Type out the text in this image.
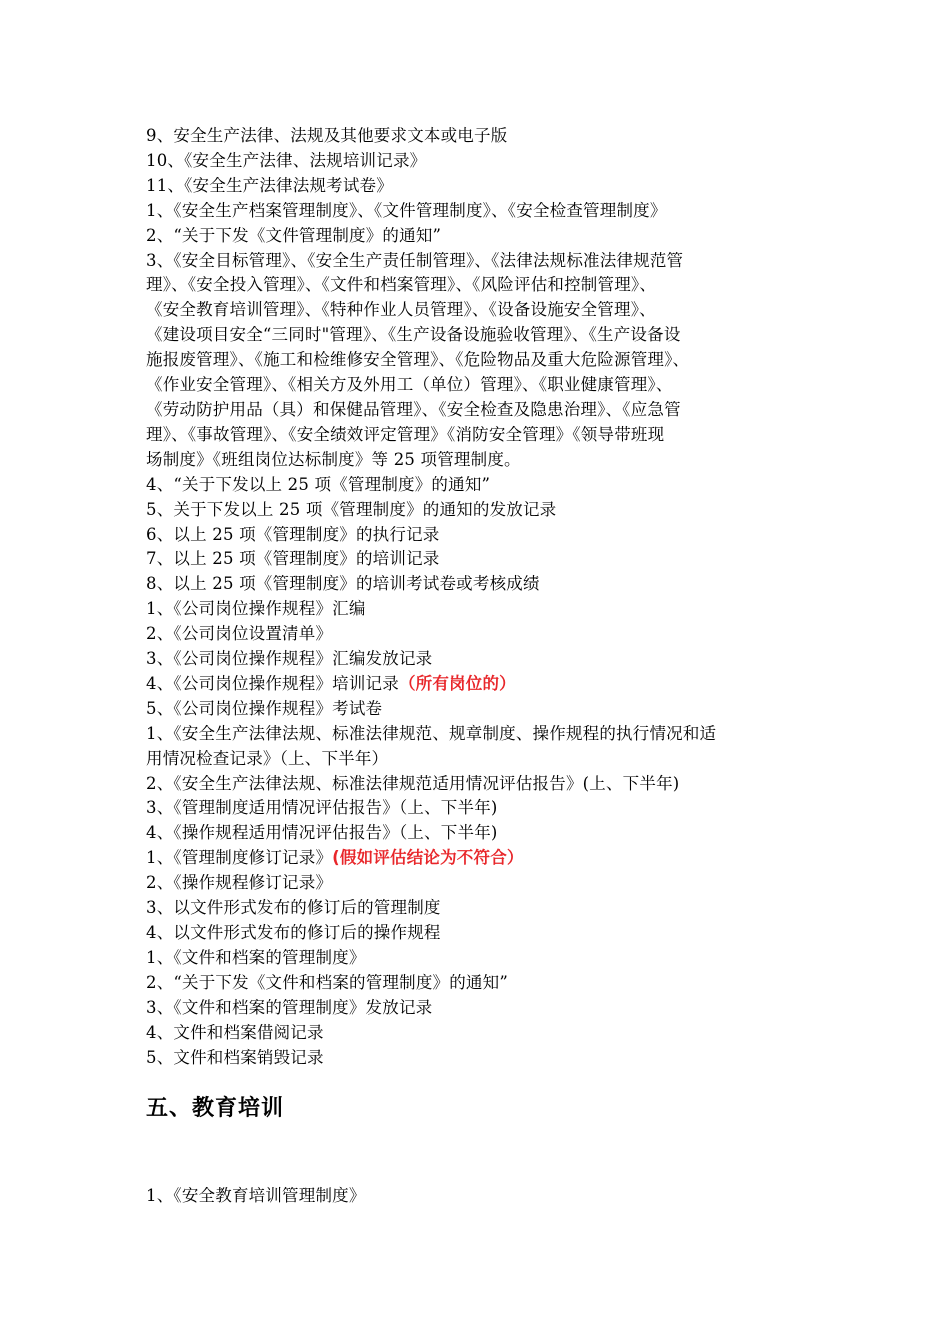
9、安全生产法律、法规及其他要求文本或电子版
10、《安全生产法律、法规培训记录》
11、《安全生产法律法规考试卷》
1、《安全生产档案管理制度》、《文件管理制度》、《安全检查管理制度》
2、“关于下发《文件管理制度》的通知”
3、《安全目标管理》、《安全生产责任制管理》、《法律法规标准法律规范管
理》、《安全投入管理》、《文件和档案管理》、《风险评估和控制管理》、
《安全教育培训管理》、《特种作业人员管理》、《设备设施安全管理》、
《建设项目安全“三同时"管理》、《生产设备设施验收管理》、《生产设备设
施报废管理》、《施工和检维修安全管理》、《危险物品及重大危险源管理》、
《作业安全管理》、《相关方及外用工（单位）管理》、《职业健康管理》、
《劳动防护用品（具）和保健品管理》、《安全检查及隐患治理》、《应急管
理》、《事故管理》、《安全绩效评定管理》《消防安全管理》《领导带班现
场制度》《班组岗位达标制度》等 25 项管理制度。
4、“关于下发以上 25 项《管理制度》的通知”
5、关于下发以上 25 项《管理制度》的通知的发放记录
6、以上 25 项《管理制度》的执行记录
7、以上 25 项《管理制度》的培训记录
8、以上 25 项《管理制度》的培训考试卷或考核成绩
1、《公司岗位操作规程》汇编
2、《公司岗位设置清单》
3、《公司岗位操作规程》汇编发放记录
4、《公司岗位操作规程》培训记录（所有岗位的）
5、《公司岗位操作规程》考试卷
1、《安全生产法律法规、标准法律规范、规章制度、操作规程的执行情况和适
用情况检查记录》（上、下半年）
2、《安全生产法律法规、标准法律规范适用情况评估报告》(上、下半年)
3、《管理制度适用情况评估报告》（上、下半年)
4、《操作规程适用情况评估报告》（上、下半年)
1、《管理制度修订记录》(假如评估结论为不符合）
2、《操作规程修订记录》
3、以文件形式发布的修订后的管理制度
4、以文件形式发布的修订后的操作规程
1、《文件和档案的管理制度》
2、“关于下发《文件和档案的管理制度》的通知”
3、《文件和档案的管理制度》发放记录
4、文件和档案借阅记录
5、文件和档案销毁记录
五、教育培训
1、《安全教育培训管理制度》
